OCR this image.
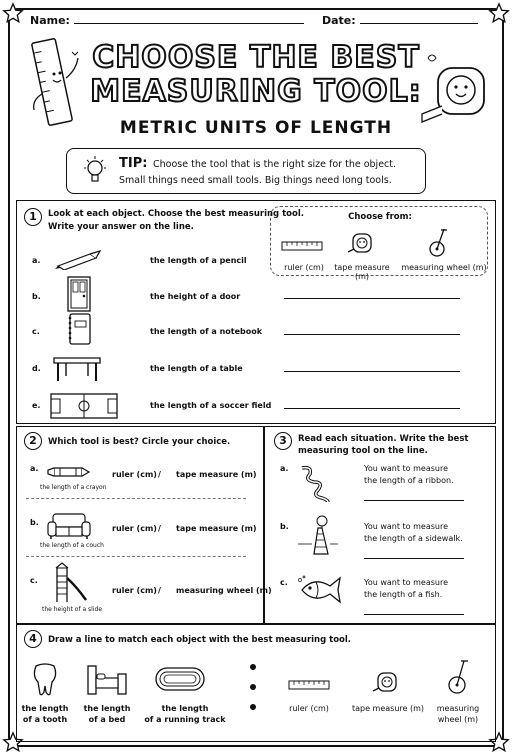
Name:	Date:
CHOOSE THE BEST
MEASURING TOOL:
METRIC UNITS OF LENGTH
TIP: Choose the tool that is the right size for the object.
Small things need small tools. Big things need long tools.
1	Look at each object. Choose the best measuring tool.
Write your answer on the line.
Choose from:
ruler (cm)	tape measure (m)
measuring wheel (m)
a.	the length of a pencil
b.	the height of a door
c.	the length of a notebook
d.	the length of a table
e.	the length of a soccer field
2	Which tool is best? Circle your choice.
a.
the length of a crayon
ruler (cm) / tape measure (m)
b.
the length of a couch
ruler (cm) / tape measure (m)
c.
the height of a slide
ruler (cm) / measuring wheel (m)
3	Read each situation. Write the best
measuring tool on the line.
a.	You want to measure
the length of a ribbon.
b.	You want to measure
the length of a sidewalk.
c.	You want to measure
the length of a fish.
4	Draw a line to match each object with the best measuring tool.
the length
of a tooth
the length
of a bed
the length
of a running track
ruler (cm)	tape measure (m)	measuring
wheel (m)
